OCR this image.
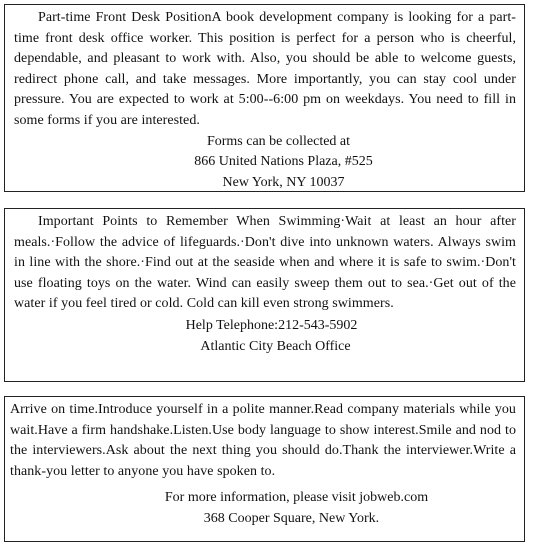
Part-time Front Desk PositionA book development company is looking for a part-time front desk office worker. This position is perfect for a person who is cheerful, dependable, and pleasant to work with. Also, you should be able to welcome guests, redirect phone call, and take messages. More importantly, you can stay cool under pressure. You are expected to work at 5:00--6:00 pm on weekdays. You need to fill in some forms if you are interested.

Forms can be collected at
866 United Nations Plaza, #525
New York, NY 10037

Important Points to Remember When Swimming·Wait at least an hour after meals.·Follow the advice of lifeguards.·Don't dive into unknown waters. Always swim in line with the shore.·Find out at the seaside when and where it is safe to swim.·Don't use floating toys on the water. Wind can easily sweep them out to sea.·Get out of the water if you feel tired or cold. Cold can kill even strong swimmers.

Help Telephone:212-543-5902
Atlantic City Beach Office

Arrive on time.Introduce yourself in a polite manner.Read company materials while you wait.Have a firm handshake.Listen.Use body language to show interest.Smile and nod to the interviewers.Ask about the next thing you should do.Thank the interviewer.Write a thank-you letter to anyone you have spoken to.

For more information, please visit jobweb.com
368 Cooper Square, New York.
